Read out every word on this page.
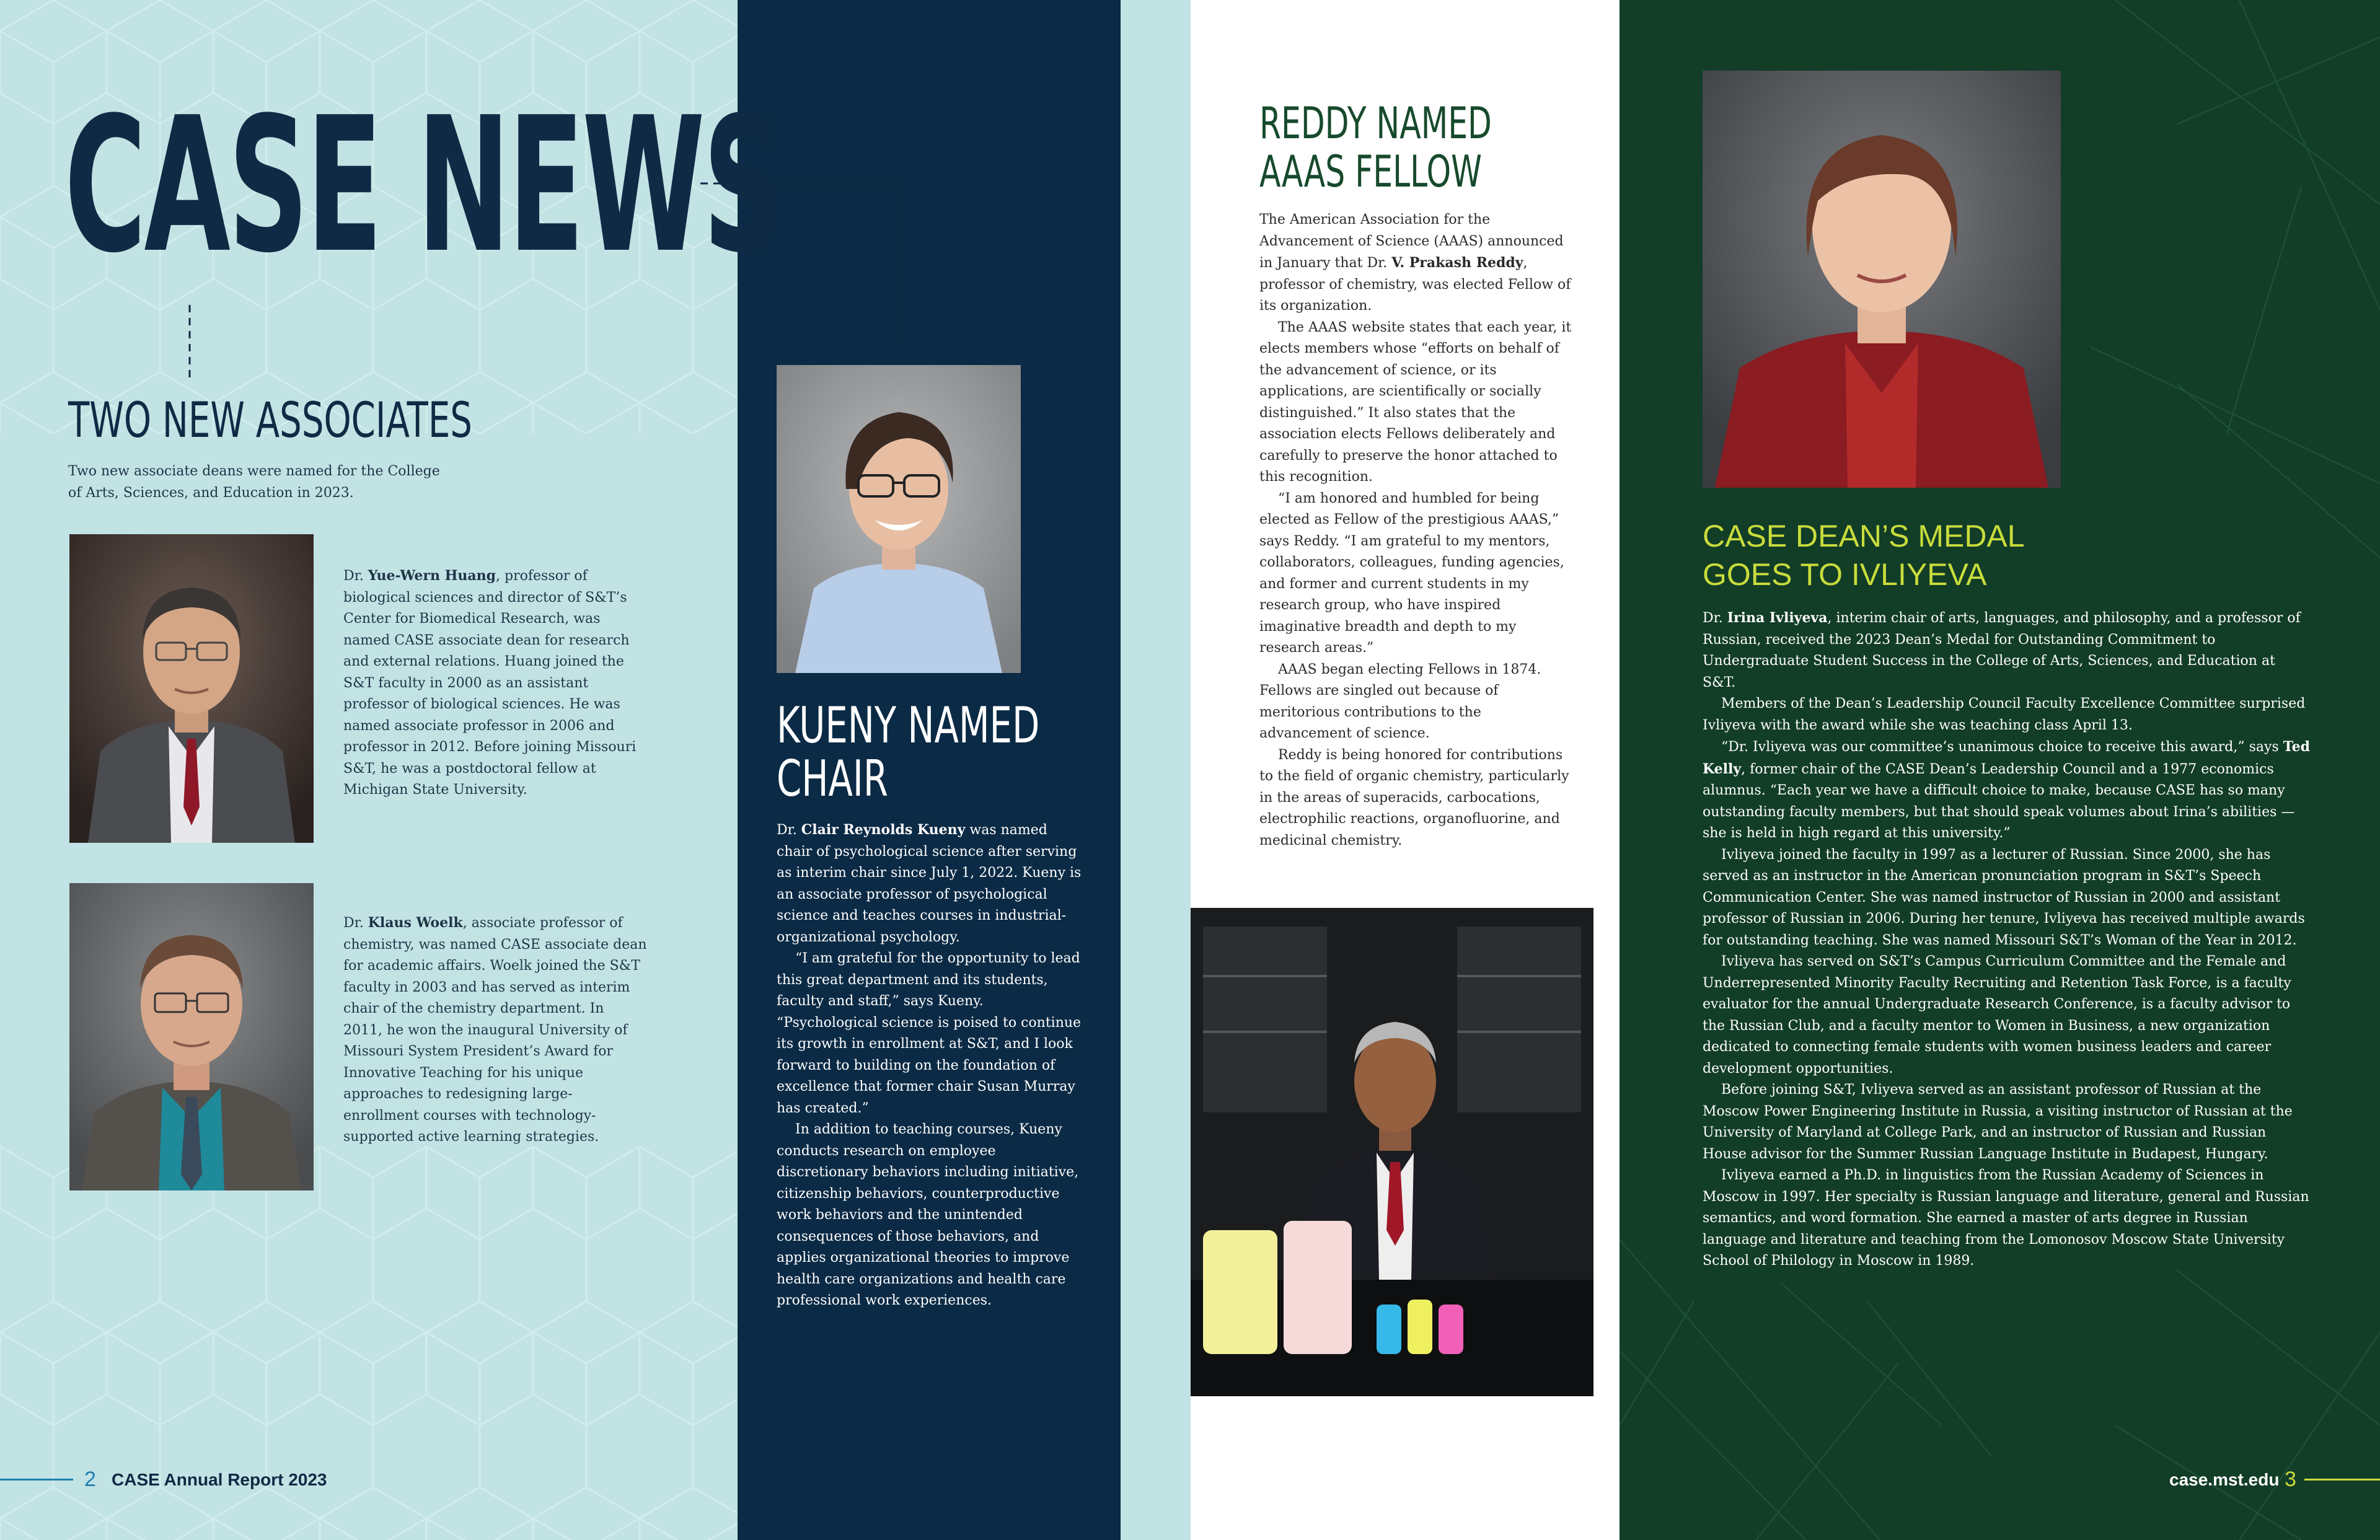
CASE NEWS
TWO NEW ASSOCIATES
Two new associate deans were named for the College
of Arts, Sciences, and Education in 2023.
Dr. Yue-Wern Huang, professor of biological sciences and director of S&T’s Center for Biomedical Research, was named CASE associate dean for research and external relations. Huang joined the S&T faculty in 2000 as an assistant professor of biological sciences. He was named associate professor in 2006 and professor in 2012. Before joining Missouri S&T, he was a postdoctoral fellow at Michigan State University.
Dr. Klaus Woelk, associate professor of chemistry, was named CASE associate dean for academic affairs. Woelk joined the S&T faculty in 2003 and has served as interim chair of the chemistry department. In 2011, he won the inaugural University of Missouri System President’s Award for Innovative Teaching for his unique approaches to redesigning large-enrollment courses with technology-supported active learning strategies.
KUENY NAMED
CHAIR

Dr. Clair Reynolds Kueny was named chair of psychological science after serving as interim chair since July 1, 2022. Kueny is an associate professor of psychological science and teaches courses in industrial-organizational psychology.

“I am grateful for the opportunity to lead this great department and its students, faculty and staff,” says Kueny. “Psychological science is poised to continue its growth in enrollment at S&T, and I look forward to building on the foundation of excellence that former chair Susan Murray has created.”

In addition to teaching courses, Kueny conducts research on employee discretionary behaviors including initiative, citizenship behaviors, counterproductive work behaviors and the unintended consequences of those behaviors, and applies organizational theories to improve health care organizations and health care professional work experiences.

REDDY NAMED
AAAS FELLOW

The American Association for the Advancement of Science (AAAS) announced in January that Dr. V. Prakash Reddy, professor of chemistry, was elected Fellow of its organization.

The AAAS website states that each year, it elects members whose “efforts on behalf of the advancement of science, or its applications, are scientifically or socially distinguished.” It also states that the association elects Fellows deliberately and carefully to preserve the honor attached to this recognition.

“I am honored and humbled for being elected as Fellow of the prestigious AAAS,” says Reddy. “I am grateful to my mentors, collaborators, colleagues, funding agencies, and former and current students in my research group, who have inspired imaginative breadth and depth to my research areas.”

AAAS began electing Fellows in 1874. Fellows are singled out because of meritorious contributions to the advancement of science.

Reddy is being honored for contributions to the field of organic chemistry, particularly in the areas of superacids, carbocations, electrophilic reactions, organofluorine, and medicinal chemistry.

CASE DEAN’S MEDAL
GOES TO IVLIYEVA

Dr. Irina Ivliyeva, interim chair of arts, languages, and philosophy, and a professor of Russian, received the 2023 Dean’s Medal for Outstanding Commitment to Undergraduate Student Success in the College of Arts, Sciences, and Education at S&T.

Members of the Dean’s Leadership Council Faculty Excellence Committee surprised Ivliyeva with the award while she was teaching class April 13.

“Dr. Ivliyeva was our committee’s unanimous choice to receive this award,” says Ted Kelly, former chair of the CASE Dean’s Leadership Council and a 1977 economics alumnus. “Each year we have a difficult choice to make, because CASE has so many outstanding faculty members, but that should speak volumes about Irina’s abilities — she is held in high regard at this university.”

Ivliyeva joined the faculty in 1997 as a lecturer of Russian. Since 2000, she has served as an instructor in the American pronunciation program in S&T’s Speech Communication Center. She was named instructor of Russian in 2000 and assistant professor of Russian in 2006. During her tenure, Ivliyeva has received multiple awards for outstanding teaching. She was named Missouri S&T’s Woman of the Year in 2012.

Ivliyeva has served on S&T’s Campus Curriculum Committee and the Female and Underrepresented Minority Faculty Recruiting and Retention Task Force, is a faculty evaluator for the annual Undergraduate Research Conference, is a faculty advisor to the Russian Club, and a faculty mentor to Women in Business, a new organization dedicated to connecting female students with women business leaders and career development opportunities.

Before joining S&T, Ivliyeva served as an assistant professor of Russian at the Moscow Power Engineering Institute in Russia, a visiting instructor of Russian at the University of Maryland at College Park, and an instructor of Russian and Russian House advisor for the Summer Russian Language Institute in Budapest, Hungary.

Ivliyeva earned a Ph.D. in linguistics from the Russian Academy of Sciences in Moscow in 1997. Her specialty is Russian language and literature, general and Russian semantics, and word formation. She earned a master of arts degree in Russian language and literature and teaching from the Lomonosov Moscow State University School of Philology in Moscow in 1989.

2 CASE Annual Report 2023	case.mst.edu 3
